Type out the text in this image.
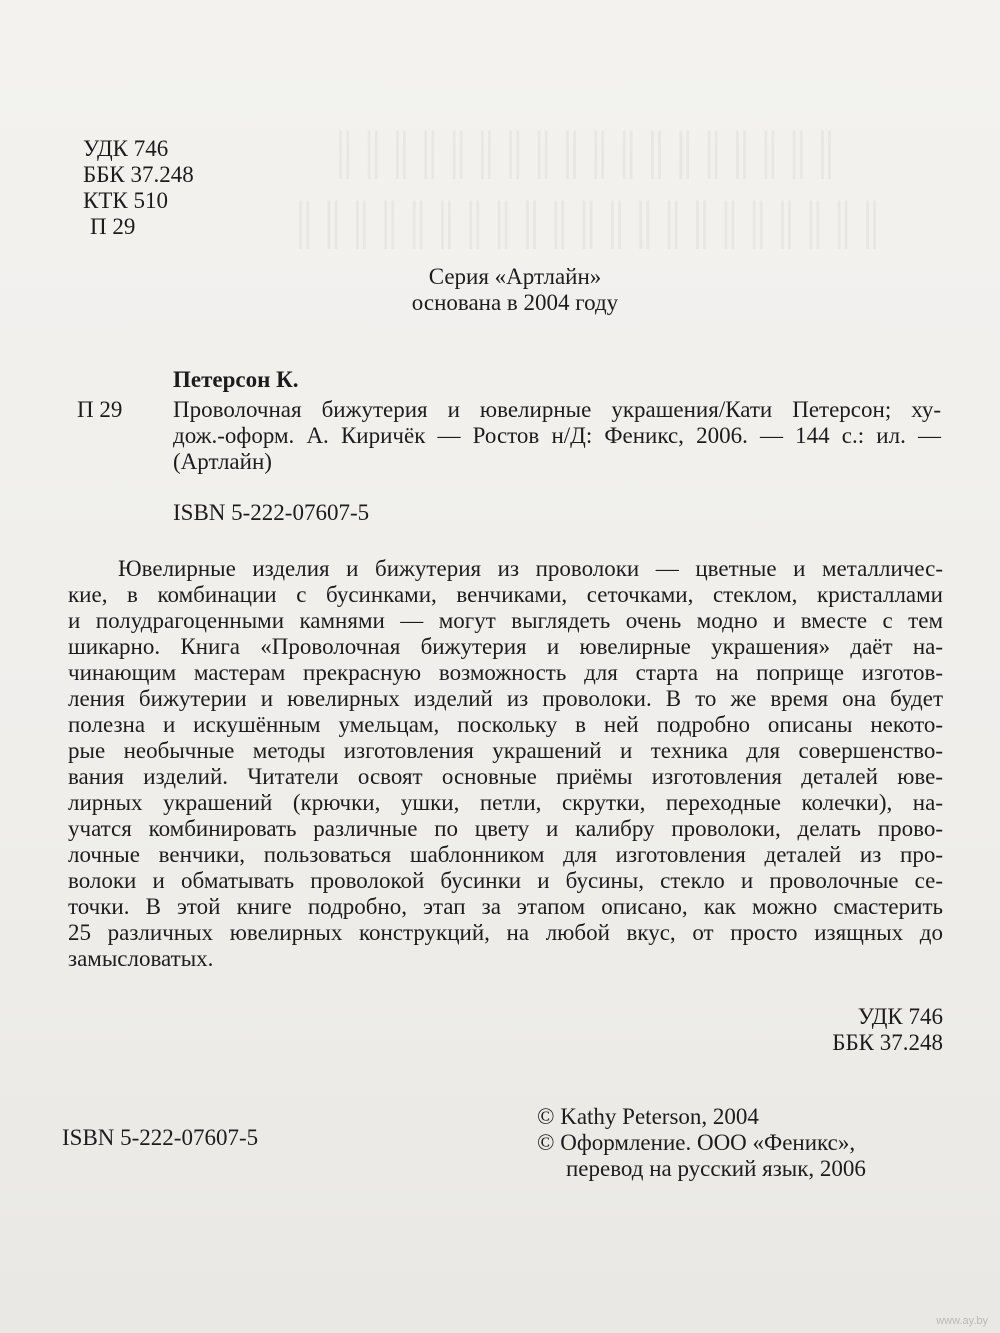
УДК 746
ББК 37.248
КТК 510
П 29
Серия «Артлайн»
основана в 2004 году
Петерсон К.
П 29 Проволочная бижутерия и ювелирные украшения/Кати Петерсон; ху-
дож.-оформ. А. Киричёк — Ростов н/Д: Феникс, 2006. — 144 с.: ил. —
(Артлайн)
ISBN 5-222-07607-5
Ювелирные изделия и бижутерия из проволоки — цветные и металличес-
кие, в комбинации с бусинками, венчиками, сеточками, стеклом, кристаллами
и полудрагоценными камнями — могут выглядеть очень модно и вместе с тем
шикарно. Книга «Проволочная бижутерия и ювелирные украшения» даёт на-
чинающим мастерам прекрасную возможность для старта на поприще изготов-
ления бижутерии и ювелирных изделий из проволоки. В то же время она будет
полезна и искушённым умельцам, поскольку в ней подробно описаны некото-
рые необычные методы изготовления украшений и техника для совершенство-
вания изделий. Читатели освоят основные приёмы изготовления деталей юве-
лирных украшений (крючки, ушки, петли, скрутки, переходные колечки), на-
учатся комбинировать различные по цвету и калибру проволоки, делать прово-
лочные венчики, пользоваться шаблонником для изготовления деталей из про-
волоки и обматывать проволокой бусинки и бусины, стекло и проволочные се-
точки. В этой книге подробно, этап за этапом описано, как можно смастерить
25 различных ювелирных конструкций, на любой вкус, от просто изящных до
замысловатых.
УДК 746
ББК 37.248
ISBN 5-222-07607-5
© Kathy Peterson, 2004
© Оформление. ООО «Феникс»,
перевод на русский язык, 2006
www.ay.by
